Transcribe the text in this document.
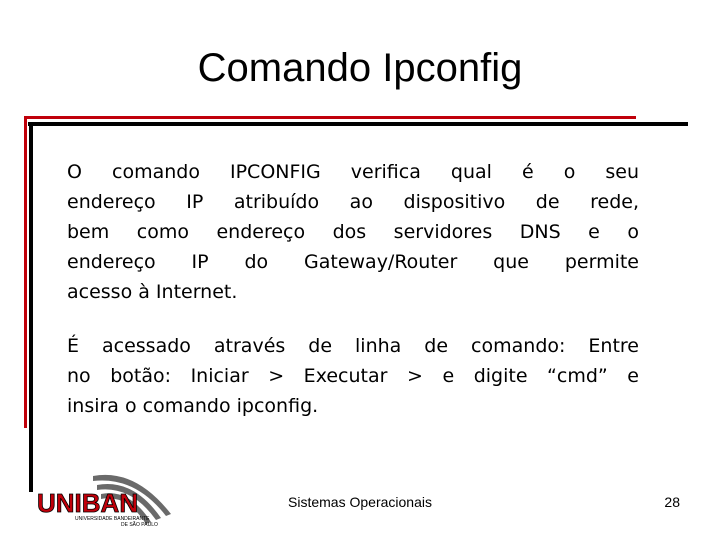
Comando Ipconfig
O comando IPCONFIG verifica qual é o seu
endereço IP atribuído ao dispositivo de rede,
bem como endereço dos servidores DNS e o
endereço IP do Gateway/Router que permite
acesso à Internet.
É acessado através de linha de comando: Entre
no botão: Iniciar > Executar > e digite “cmd” e
insira o comando ipconfig.
UNIBAN
UNIVERSIDADE BANDEIRANTE
DE SÃO PAULO
Sistemas Operacionais	28
